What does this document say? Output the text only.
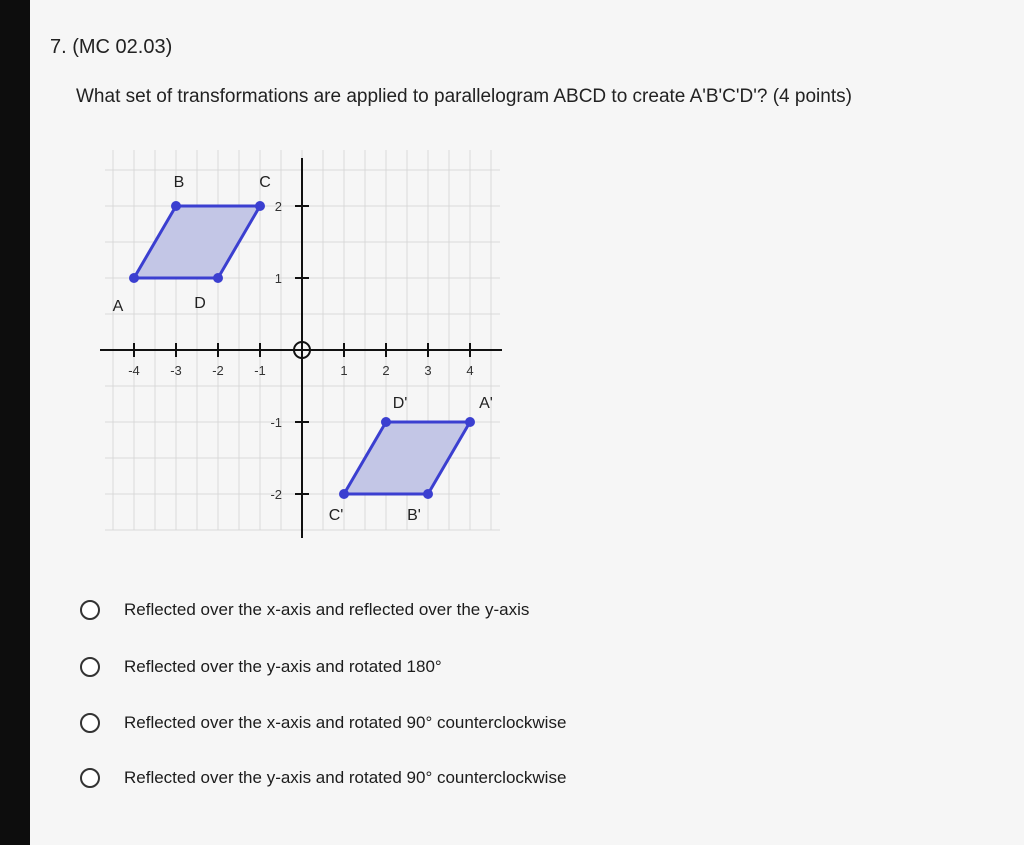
7. (MC 02.03)
What set of transformations are applied to parallelogram ABCD to create A'B'C'D'? (4 points)
-4 -3 -2 -1	1	2	3	4
2
1
-1
-2
A
B	C
D
A'
B'
C'
D'
Reflected over the x-axis and reflected over the y-axis
Reflected over the y-axis and rotated 180°
Reflected over the x-axis and rotated 90° counterclockwise
Reflected over the y-axis and rotated 90° counterclockwise
